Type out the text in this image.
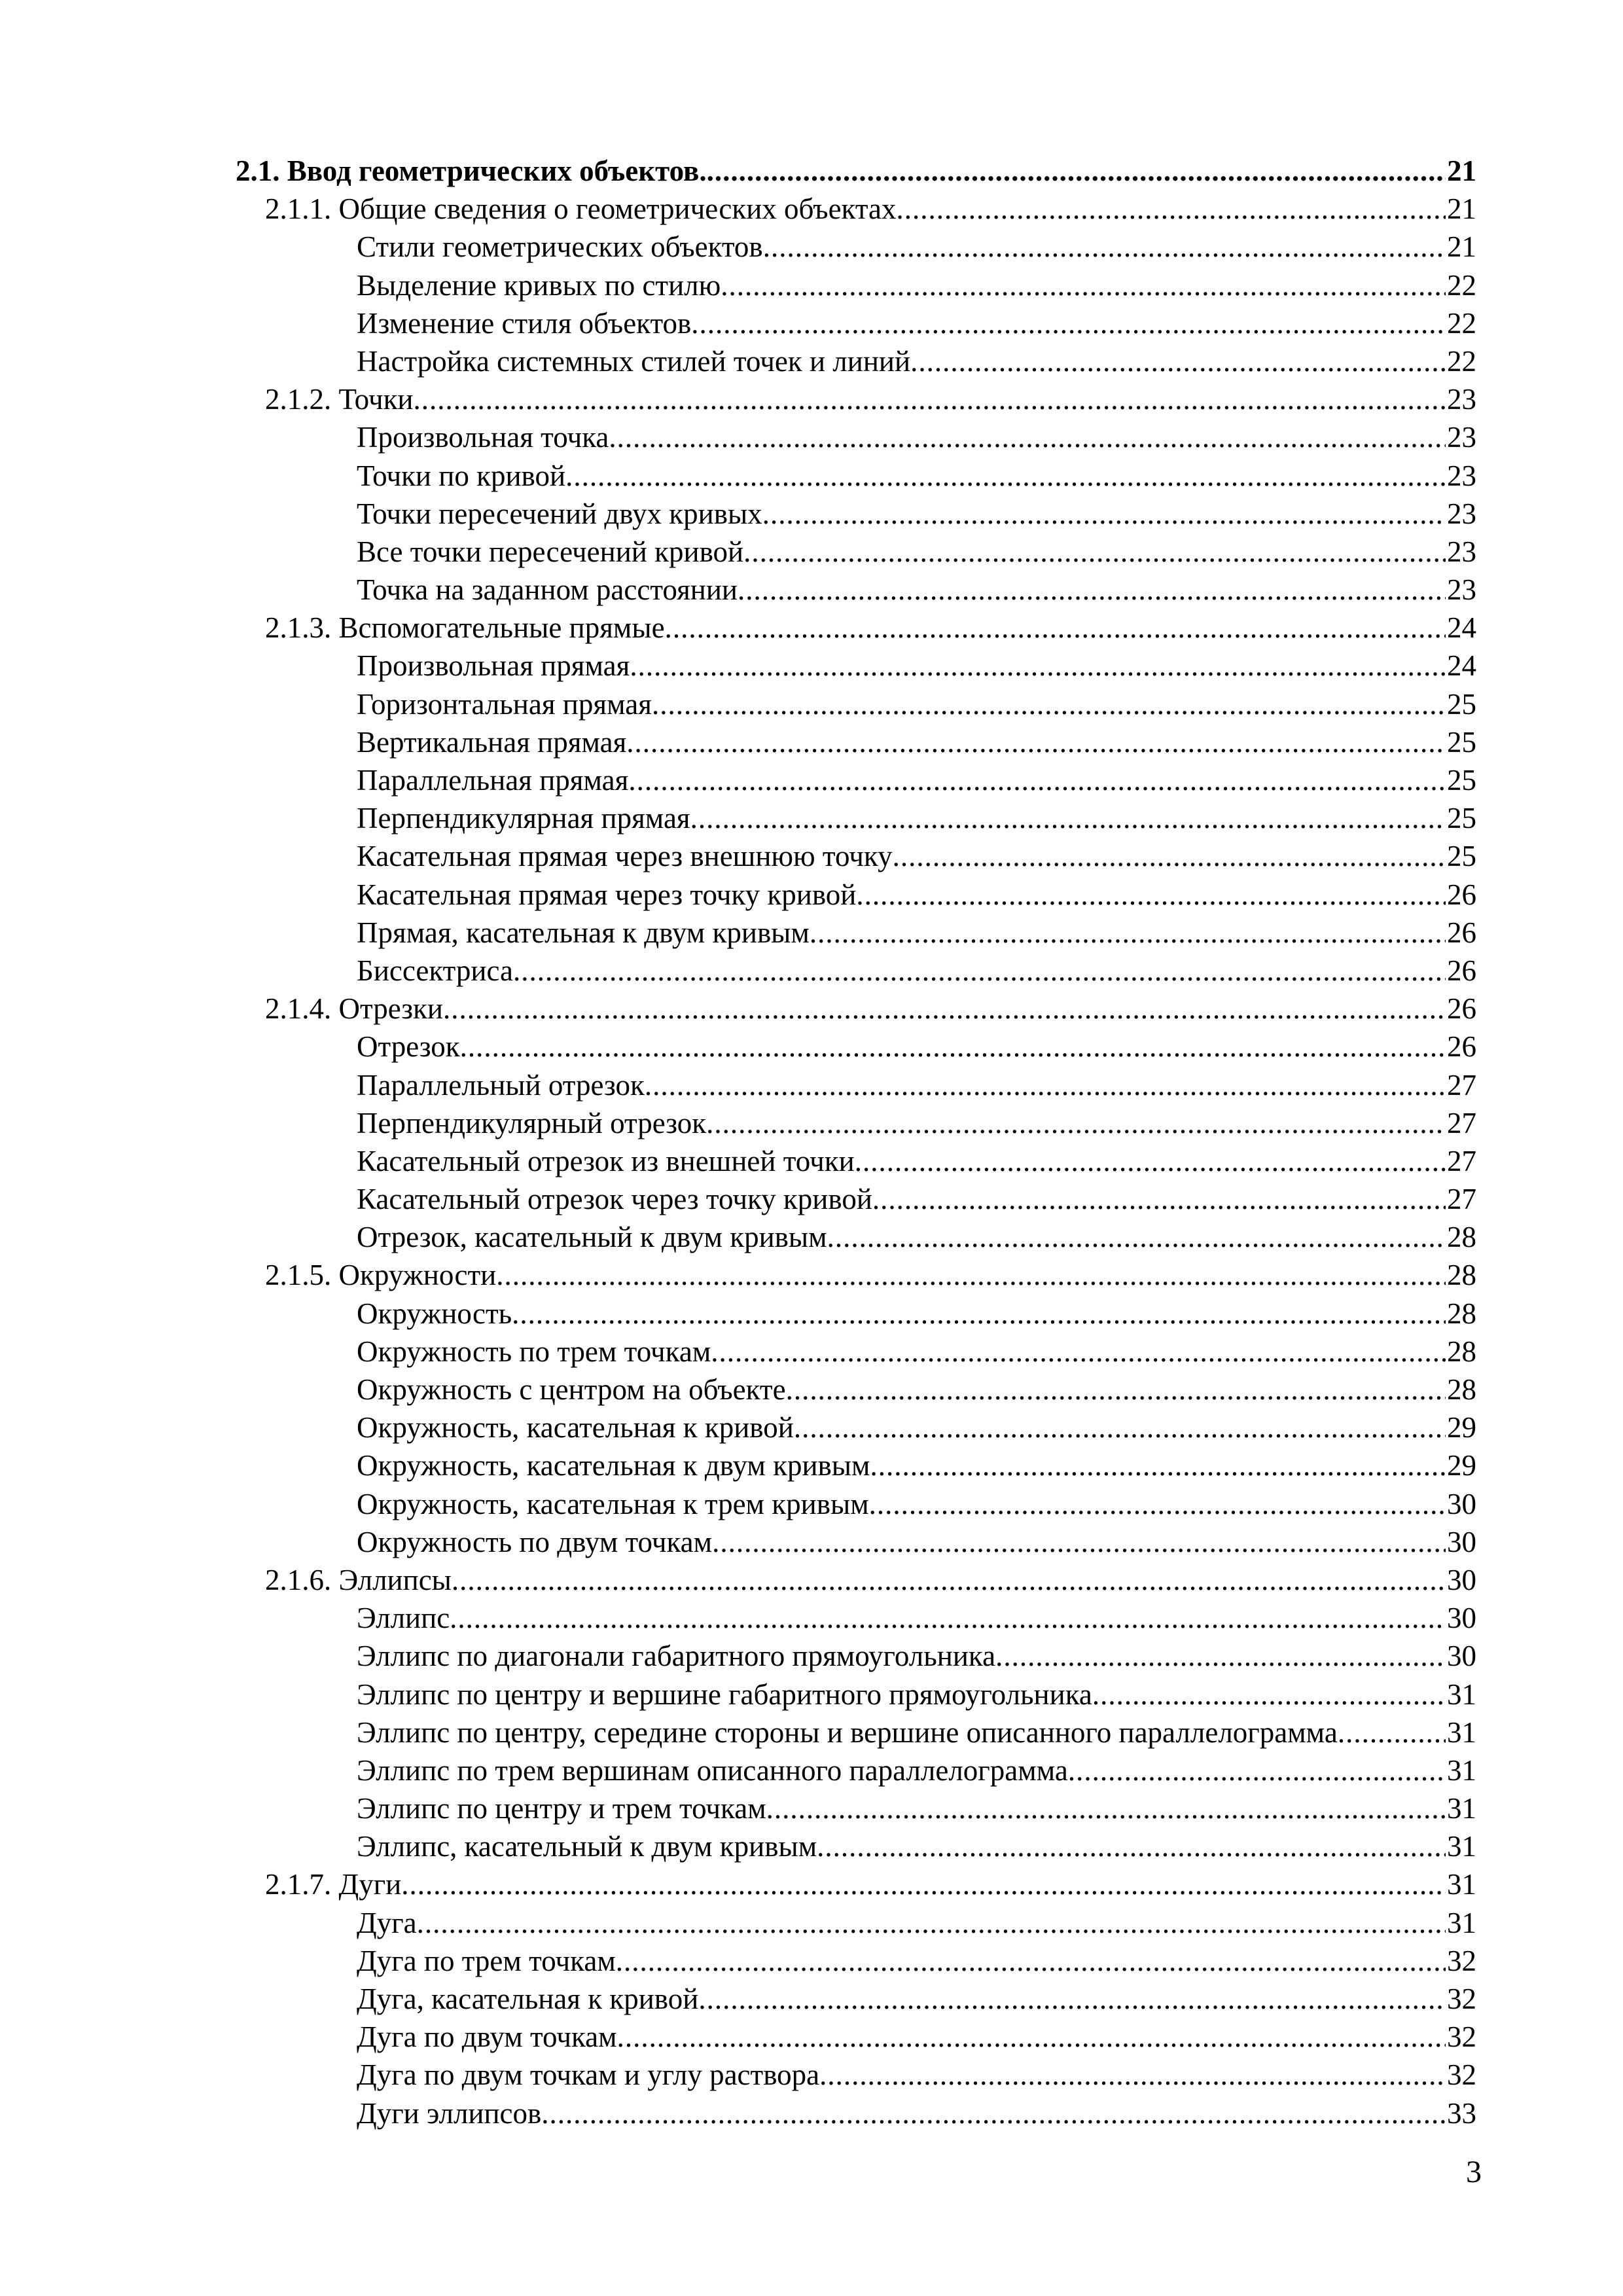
2.1. Ввод геометрических объектов. .....	21
2.1.1. Общие сведения о геометрических объектах .....	21
Стили геометрических объектов .....	21
Выделение кривых по стилю .....	22
Изменение стиля объектов .....	22
Настройка системных стилей точек и линий .....	22
2.1.2. Точки .....	23
Произвольная точка .....	23
Точки по кривой .....	23
Точки пересечений двух кривых .....	23
Все точки пересечений кривой .....	23
Точка на заданном расстоянии .....	23
2.1.3. Вспомогательные прямые .....	24
Произвольная прямая .....	24
Горизонтальная прямая .....	25
Вертикальная прямая .....	25
Параллельная прямая .....	25
Перпендикулярная прямая .....	25
Касательная прямая через внешнюю точку .....	25
Касательная прямая через точку кривой .....	26
Прямая, касательная к двум кривым .....	26
Биссектриса .....	26
2.1.4. Отрезки .....	26
Отрезок .....	26
Параллельный отрезок .....	27
Перпендикулярный отрезок .....	27
Касательный отрезок из внешней точки .....	27
Касательный отрезок через точку кривой .....	27
Отрезок, касательный к двум кривым .....	28
2.1.5. Окружности .....	28
Окружность .....	28
Окружность по трем точкам .....	28
Окружность с центром на объекте .....	28
Окружность, касательная к кривой .....	29
Окружность, касательная к двум кривым .....	29
Окружность, касательная к трем кривым .....	30
Окружность по двум точкам .....	30
2.1.6. Эллипсы .....	30
Эллипс .....	30
Эллипс по диагонали габаритного прямоугольника .....	30
Эллипс по центру и вершине габаритного прямоугольника .....	31
Эллипс по центру, середине стороны и вершине описанного параллелограмма .....	31
Эллипс по трем вершинам описанного параллелограмма .....	31
Эллипс по центру и трем точкам .....	31
Эллипс, касательный к двум кривым .....	31
2.1.7. Дуги .....	31
Дуга .....	31
Дуга по трем точкам .....	32
Дуга, касательная к кривой .....	32
Дуга по двум точкам .....	32
Дуга по двум точкам и углу раствора .....	32
Дуги эллипсов .....	33
3
